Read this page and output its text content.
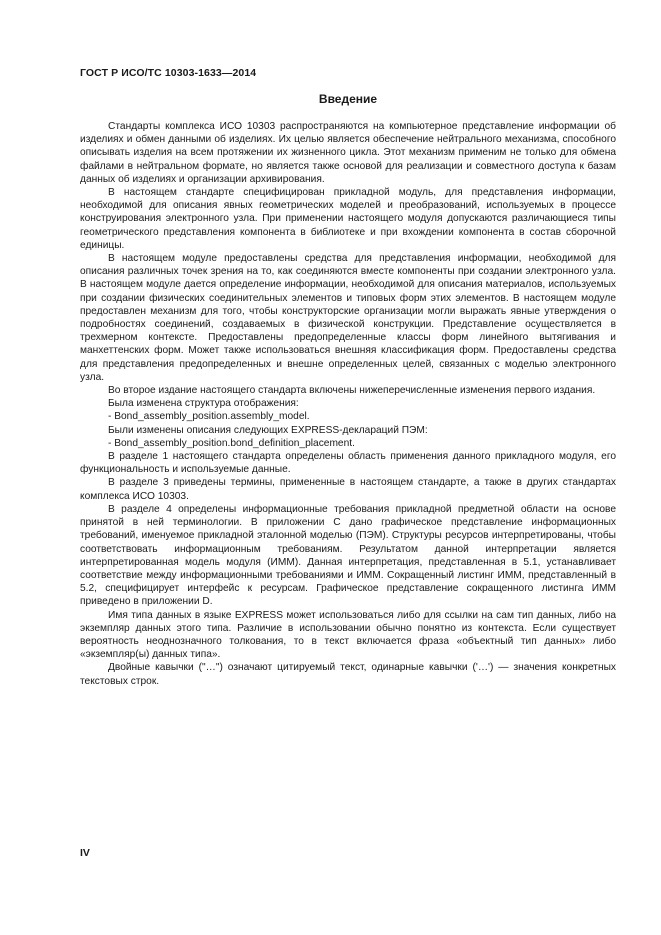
ГОСТ Р ИСО/ТС 10303-1633—2014
Введение

Стандарты комплекса ИСО 10303 распространяются на компьютерное представление информации об изделиях и обмен данными об изделиях. Их целью является обеспечение нейтрального механизма, способного описывать изделия на всем протяжении их жизненного цикла. Этот механизм применим не только для обмена файлами в нейтральном формате, но является также основой для реализации и совместного доступа к базам данных об изделиях и организации архивирования.

В настоящем стандарте специфицирован прикладной модуль, для представления информации, необходимой для описания явных геометрических моделей и преобразований, используемых в процессе конструирования электронного узла. При применении настоящего модуля допускаются различающиеся типы геометрического представления компонента в библиотеке и при вхождении компонента в состав сборочной единицы.

В настоящем модуле предоставлены средства для представления информации, необходимой для описания различных точек зрения на то, как соединяются вместе компоненты при создании электронного узла. В настоящем модуле дается определение информации, необходимой для описания материалов, используемых при создании физических соединительных элементов и типовых форм этих элементов. В настоящем модуле предоставлен механизм для того, чтобы конструкторские организации могли выражать явные утверждения о подробностях соединений, создаваемых в физической конструкции. Представление осуществляется в трехмерном контексте. Предоставлены предопределенные классы форм линейного вытягивания и манхеттенских форм. Может также использоваться внешняя классификация форм. Предоставлены средства для представления предопределенных и внешне определенных целей, связанных с моделью электронного узла.

Во второе издание настоящего стандарта включены нижеперечисленные изменения первого издания.

Была изменена структура отображения:

- Bond_assembly_position.assembly_model.

Были изменены описания следующих EXPRESS-деклараций ПЭМ:

- Bond_assembly_position.bond_definition_placement.

В разделе 1 настоящего стандарта определены область применения данного прикладного модуля, его функциональность и используемые данные.

В разделе 3 приведены термины, примененные в настоящем стандарте, а также в других стандартах комплекса ИСО 10303.

В разделе 4 определены информационные требования прикладной предметной области на основе принятой в ней терминологии. В приложении С дано графическое представление информационных требований, именуемое прикладной эталонной моделью (ПЭМ). Структуры ресурсов интерпретированы, чтобы соответствовать информационным требованиям. Результатом данной интерпретации является интерпретированная модель модуля (ИММ). Данная интерпретация, представленная в 5.1, устанавливает соответствие между информационными требованиями и ИММ. Сокращенный листинг ИММ, представленный в 5.2, специфицирует интерфейс к ресурсам. Графическое представление сокращенного листинга ИММ приведено в приложении D.

Имя типа данных в языке EXPRESS может использоваться либо для ссылки на сам тип данных, либо на экземпляр данных этого типа. Различие в использовании обычно понятно из контекста. Если существует вероятность неоднозначного толкования, то в текст включается фраза «объектный тип данных» либо «экземпляр(ы) данных типа».

Двойные кавычки ("…") означают цитируемый текст, одинарные кавычки ('…') — значения конкретных текстовых строк.

IV
